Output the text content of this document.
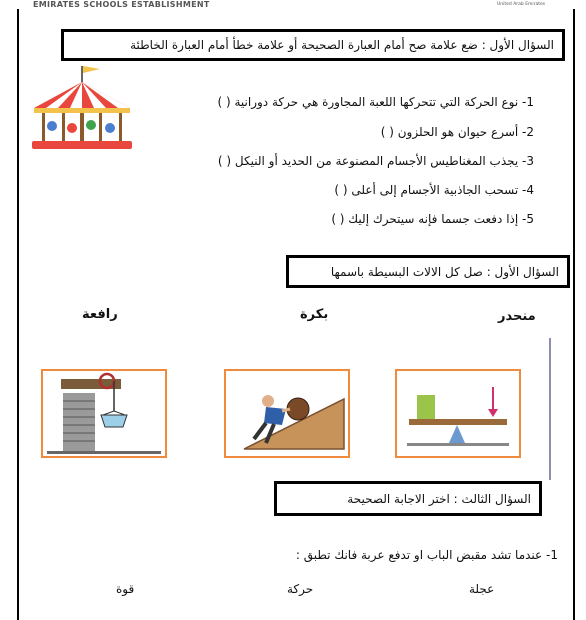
EMIRATES SCHOOLS ESTABLISHMENT	United Arab Emirates
السؤال الأول : ضع علامة صح أمام العبارة الصحيحة أو علامة خطأ أمام العبارة الخاطئة
1- نوع الحركة التي تتحركها اللعبة المجاورة هي حركة دورانية ( )
2- أسرع حيوان هو الحلزون ( )
3- يجذب المغناطيس الأجسام المصنوعة من الحديد أو النيكل ( )
4- تسحب الجاذبية الأجسام إلى أعلى ( )
5- إذا دفعت جسما فإنه سيتحرك إليك ( )
السؤال الأول : صل كل الالات البسيطة باسمها
رافعة	بكرة	منحدر
السؤال الثالث : اختر الاجابة الصحيحة
1- عندما تشد مقبض الباب او تدفع عربة فانك تطبق :
قوة	حركة	عجلة
